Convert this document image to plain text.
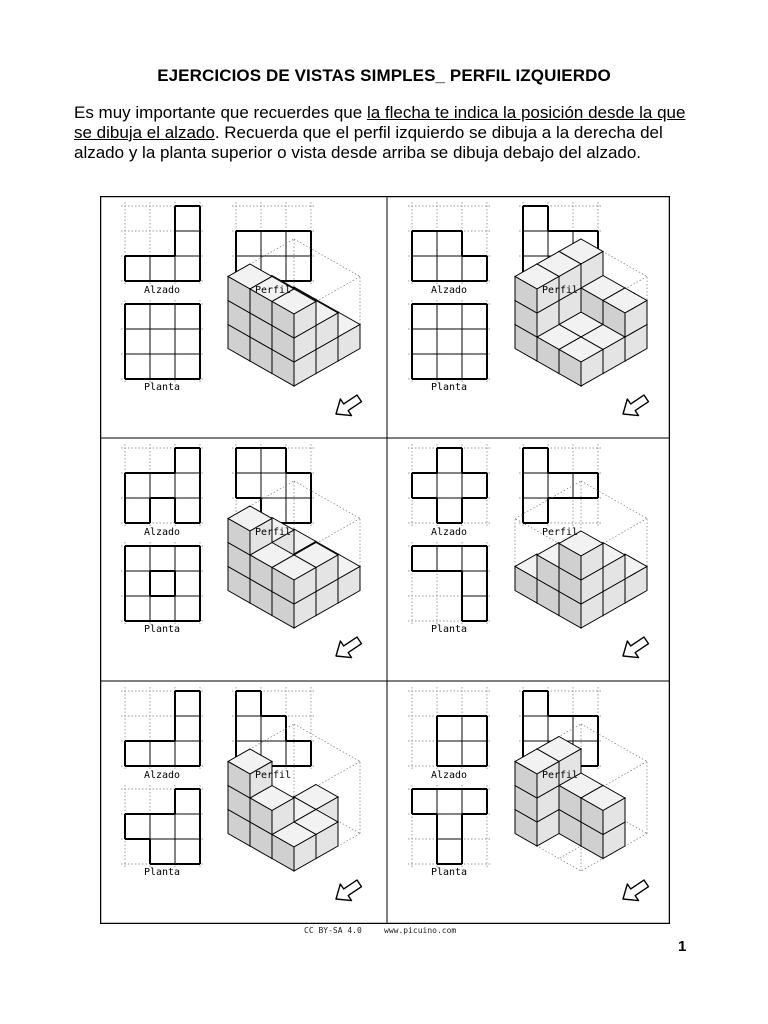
EJERCICIOS DE VISTAS SIMPLES_ PERFIL IZQUIERDO
Es muy importante que recuerdes que la flecha te indica la posición desde la que se dibuja el alzado. Recuerda que el perfil izquierdo se dibuja a la derecha del alzado y la planta superior o vista desde arriba se dibuja debajo del alzado.
Alzado	Perfil
Planta
Alzado	Perfil
Planta
Alzado	Perfil
Planta
Alzado	Perfil
Planta
Alzado	Perfil
Planta
Alzado	Perfil
Planta
CC BY-SA 4.0	www.picuino.com
1
